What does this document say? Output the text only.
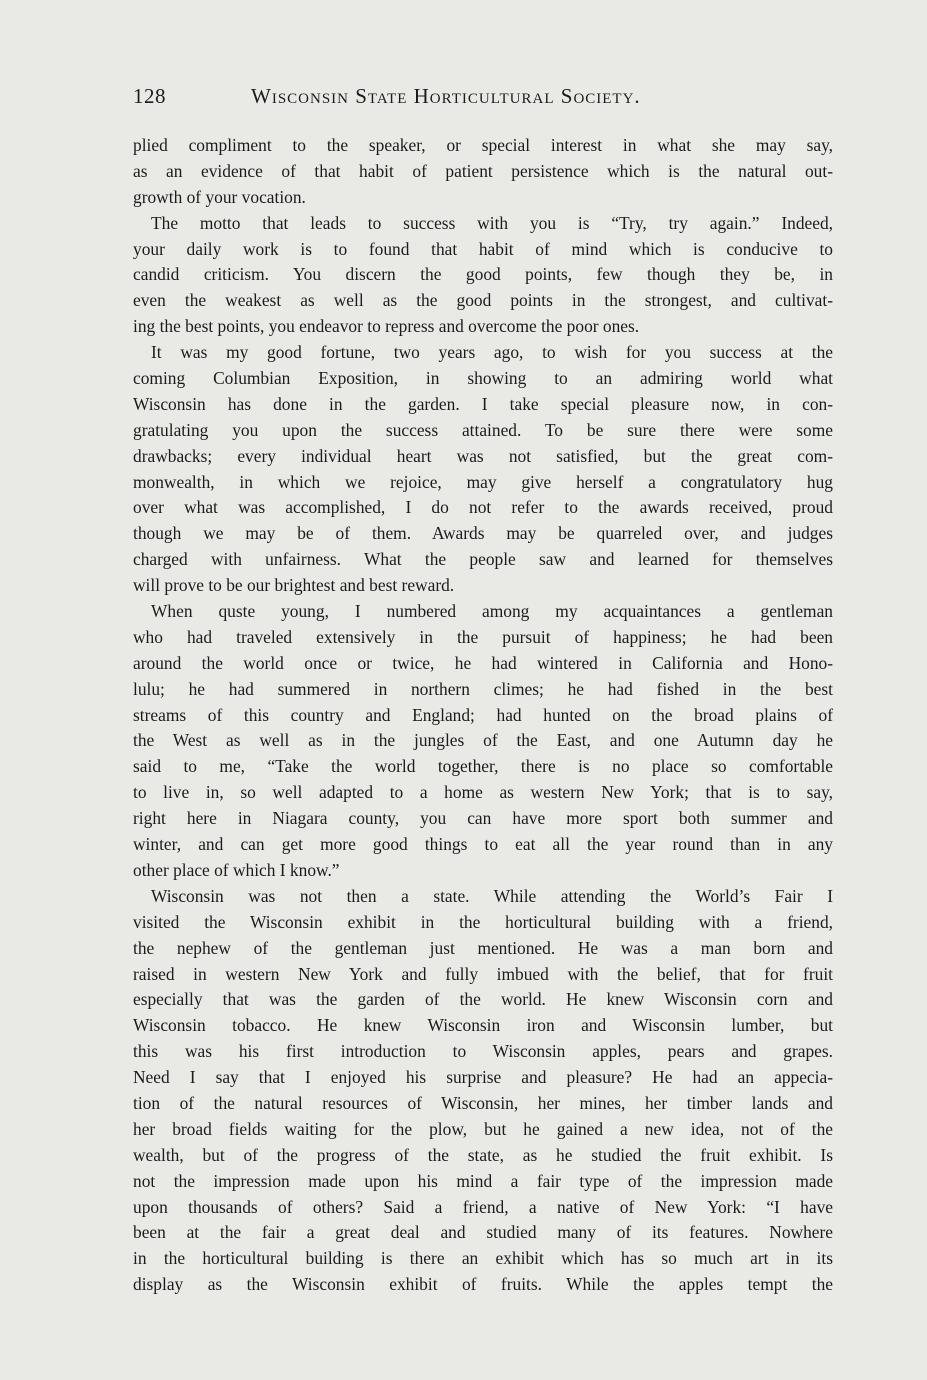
128	Wisconsin State Horticultural Society.
plied compliment to the speaker, or special interest in what she may say,
as an evidence of that habit of patient persistence which is the natural out-
growth of your vocation.
The motto that leads to success with you is “Try, try again.” Indeed,
your daily work is to found that habit of mind which is conducive to
candid criticism. You discern the good points, few though they be, in
even the weakest as well as the good points in the strongest, and cultivat-
ing the best points, you endeavor to repress and overcome the poor ones.
It was my good fortune, two years ago, to wish for you success at the
coming Columbian Exposition, in showing to an admiring world what
Wisconsin has done in the garden. I take special pleasure now, in con-
gratulating you upon the success attained. To be sure there were some
drawbacks; every individual heart was not satisfied, but the great com-
monwealth, in which we rejoice, may give herself a congratulatory hug
over what was accomplished, I do not refer to the awards received, proud
though we may be of them. Awards may be quarreled over, and judges
charged with unfairness. What the people saw and learned for themselves
will prove to be our brightest and best reward.
When quste young, I numbered among my acquaintances a gentleman
who had traveled extensively in the pursuit of happiness; he had been
around the world once or twice, he had wintered in California and Hono-
lulu; he had summered in northern climes; he had fished in the best
streams of this country and England; had hunted on the broad plains of
the West as well as in the jungles of the East, and one Autumn day he
said to me, “Take the world together, there is no place so comfortable
to live in, so well adapted to a home as western New York; that is to say,
right here in Niagara county, you can have more sport both summer and
winter, and can get more good things to eat all the year round than in any
other place of which I know.”
Wisconsin was not then a state. While attending the World’s Fair I
visited the Wisconsin exhibit in the horticultural building with a friend,
the nephew of the gentleman just mentioned. He was a man born and
raised in western New York and fully imbued with the belief, that for fruit
especially that was the garden of the world. He knew Wisconsin corn and
Wisconsin tobacco. He knew Wisconsin iron and Wisconsin lumber, but
this was his first introduction to Wisconsin apples, pears and grapes.
Need I say that I enjoyed his surprise and pleasure? He had an appecia-
tion of the natural resources of Wisconsin, her mines, her timber lands and
her broad fields waiting for the plow, but he gained a new idea, not of the
wealth, but of the progress of the state, as he studied the fruit exhibit. Is
not the impression made upon his mind a fair type of the impression made
upon thousands of others? Said a friend, a native of New York: “I have
been at the fair a great deal and studied many of its features. Nowhere
in the horticultural building is there an exhibit which has so much art in its
display as the Wisconsin exhibit of fruits. While the apples tempt the
